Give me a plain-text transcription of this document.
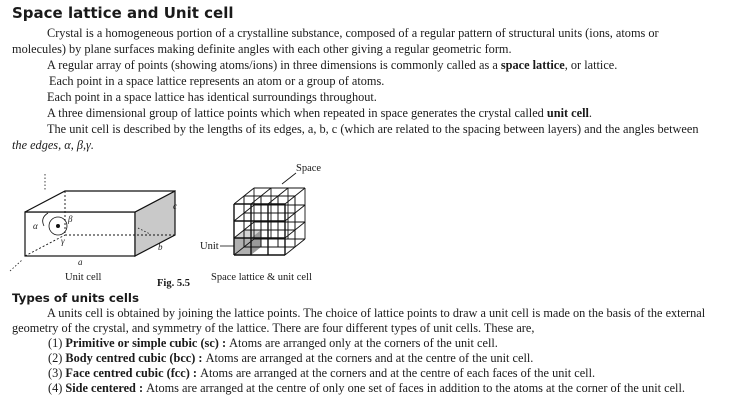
Space lattice and Unit cell
Crystal is a homogeneous portion of a crystalline substance, composed of a regular pattern of structural units (ions, atoms or
molecules) by plane surfaces making definite angles with each other giving a regular geometric form.
A regular array of points (showing atoms/ions) in three dimensions is commonly called as a space lattice, or lattice.
Each point in a space lattice represents an atom or a group of atoms.
Each point in a space lattice has identical surroundings throughout.
A three dimensional group of lattice points which when repeated in space generates the crystal called unit cell.
The unit cell is described by the lengths of its edges, a, b, c (which are related to the spacing between layers) and the angles between
the edges, α, β,γ.
α
β
γ
c
b
a
Unit cell
Fig. 5.5
Space lattice & unit cell
Space
Unit
Types of units cells
A units cell is obtained by joining the lattice points. The choice of lattice points to draw a unit cell is made on the basis of the external
geometry of the crystal, and symmetry of the lattice. There are four different types of unit cells. These are,
(1) Primitive or simple cubic (sc) : Atoms are arranged only at the corners of the unit cell.
(2) Body centred cubic (bcc) : Atoms are arranged at the corners and at the centre of the unit cell.
(3) Face centred cubic (fcc) : Atoms are arranged at the corners and at the centre of each faces of the unit cell.
(4) Side centered : Atoms are arranged at the centre of only one set of faces in addition to the atoms at the corner of the unit cell.
